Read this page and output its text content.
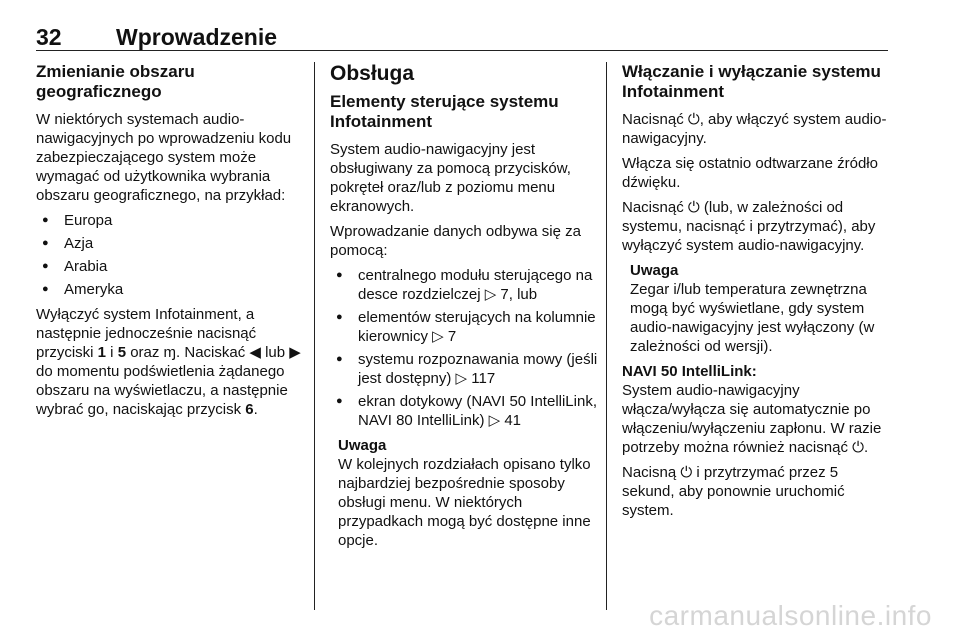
32 Wprowadzenie
Zmienianie obszaru geograficznego

W niektórych systemach audio-nawigacyjnych po wprowadzeniu kodu zabezpieczającego system może wymagać od użytkownika wybrania obszaru geograficznego, na przykład:

● Europa
● Azja
● Arabia
● Ameryka

Wyłączyć system Infotainment, a następnie jednocześnie nacisnąć przyciski 1 i 5 oraz ɱ. Naciskać ◀ lub ▶ do momentu podświetlenia żądanego obszaru na wyświetlaczu, a następnie wybrać go, naciskając przycisk 6.

Obsługa
Elementy sterujące systemu Infotainment

System audio-nawigacyjny jest obsługiwany za pomocą przycisków, pokręteł oraz/lub z poziomu menu ekranowych.

Wprowadzanie danych odbywa się za pomocą:

● centralnego modułu sterującego na desce rozdzielczej ▷ 7, lub
● elementów sterujących na kolumnie kierownicy ▷ 7
● systemu rozpoznawania mowy (jeśli jest dostępny) ▷ 117
● ekran dotykowy (NAVI 50 IntelliLink, NAVI 80 IntelliLink) ▷ 41
Uwaga
W kolejnych rozdziałach opisano tylko najbardziej bezpośrednie sposoby obsługi menu. W niektórych przypadkach mogą być dostępne inne opcje.
Włączanie i wyłączanie systemu Infotainment

Nacisnąć ⏻, aby włączyć system audio-nawigacyjny.

Włącza się ostatnio odtwarzane źródło dźwięku.

Nacisnąć ⏻ (lub, w zależności od systemu, nacisnąć i przytrzymać), aby wyłączyć system audio-nawigacyjny.

Uwaga
Zegar i/lub temperatura zewnętrzna mogą być wyświetlane, gdy system audio-nawigacyjny jest wyłączony (w zależności od wersji).
NAVI 50 IntelliLink:

System audio-nawigacyjny włącza/wyłącza się automatycznie po włączeniu/wyłączeniu zapłonu. W razie potrzeby można również nacisnąć ⏻.

Nacisną ⏻ i przytrzymać przez 5 sekund, aby ponownie uruchomić system.

carmanualsonline.info
